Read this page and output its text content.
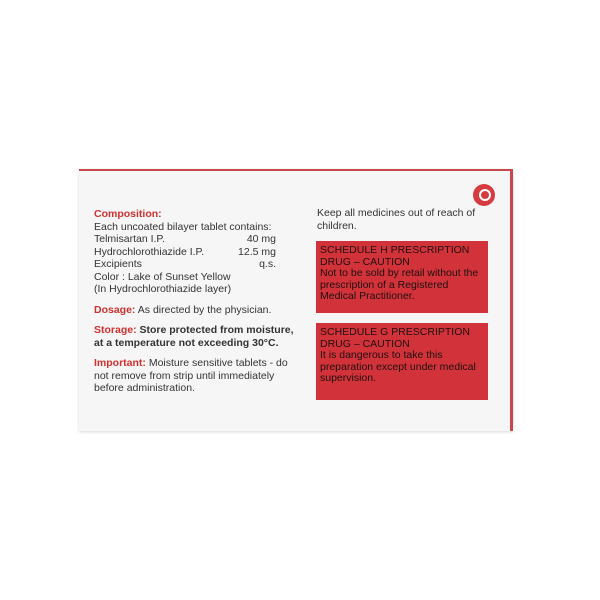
Composition:
Each uncoated bilayer tablet contains:
Telmisartan I.P.	40 mg
Hydrochlorothiazide I.P.	12.5 mg
Excipients	q.s.
Color : Lake of Sunset Yellow
(In Hydrochlorothiazide layer)
Dosage: As directed by the physician.
Storage: Store protected from moisture, at a temperature not exceeding 30°C.
Important: Moisture sensitive tablets - do not remove from strip until immediately before administration.
Keep all medicines out of reach of children.
SCHEDULE H PRESCRIPTION DRUG – CAUTION
Not to be sold by retail without the prescription of a Registered Medical Practitioner.
SCHEDULE G PRESCRIPTION DRUG – CAUTION
It is dangerous to take this preparation except under medical supervision.
